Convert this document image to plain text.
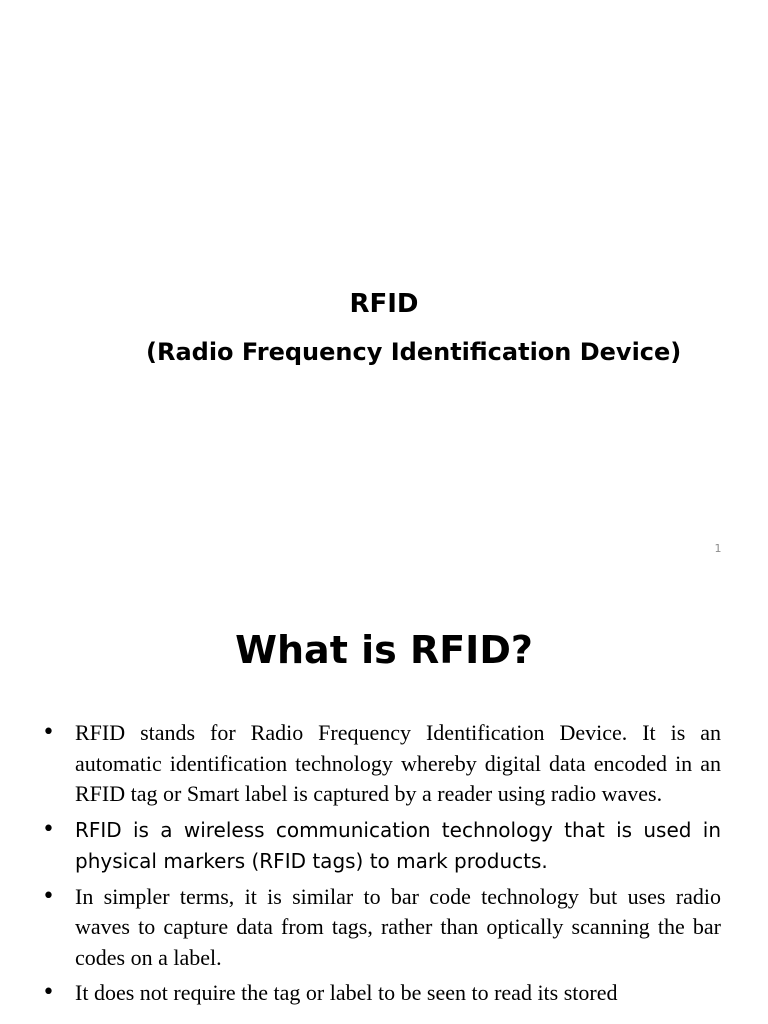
RFID
(Radio Frequency Identification Device)
1
What is RFID?
• RFID stands for Radio Frequency Identification Device. It is an automatic identification technology whereby digital data encoded in an RFID tag or Smart label is captured by a reader using radio waves.
• RFID is a wireless communication technology that is used in physical markers (RFID tags) to mark products.
• In simpler terms, it is similar to bar code technology but uses radio waves to capture data from tags, rather than optically scanning the bar codes on a label.
• It does not require the tag or label to be seen to read its stored
